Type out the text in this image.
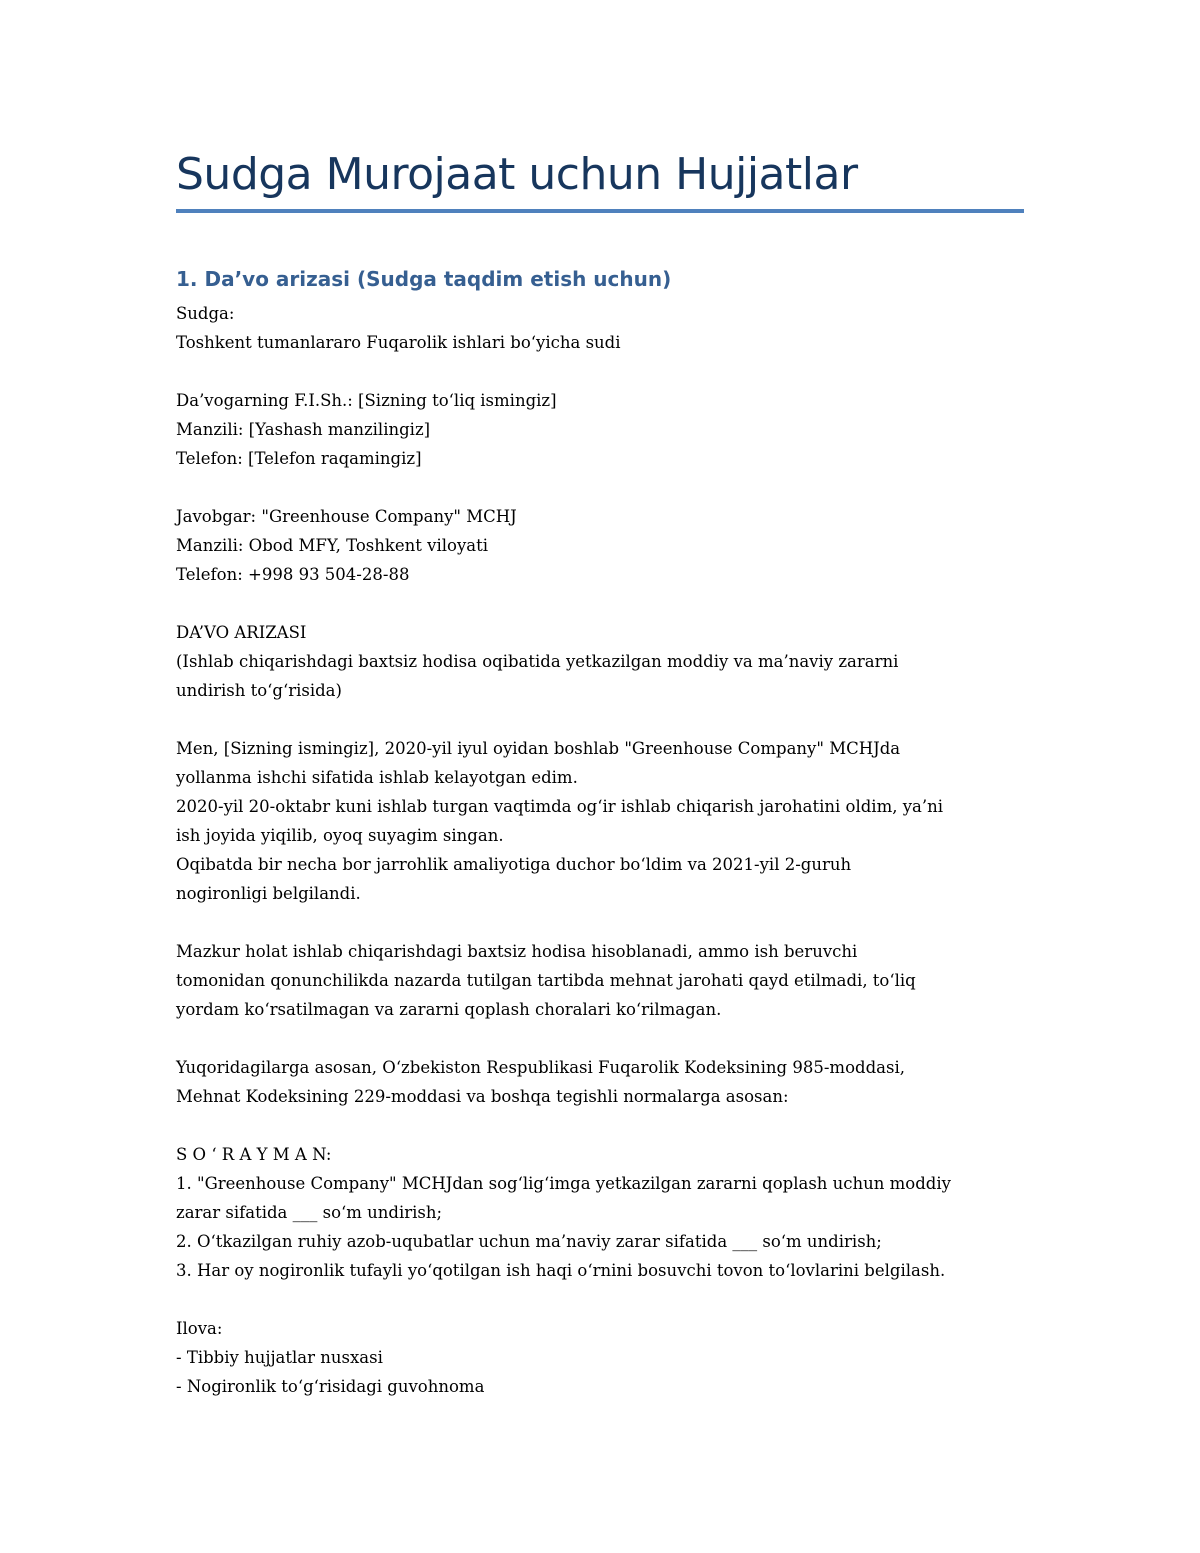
Sudga Murojaat uchun Hujjatlar
1. Da’vo arizasi (Sudga taqdim etish uchun)
Sudga:
Toshkent tumanlararo Fuqarolik ishlari bo‘yicha sudi
Da’vogarning F.I.Sh.: [Sizning to‘liq ismingiz]
Manzili: [Yashash manzilingiz]
Telefon: [Telefon raqamingiz]
Javobgar: "Greenhouse Company" MCHJ
Manzili: Obod MFY, Toshkent viloyati
Telefon: +998 93 504-28-88
DA’VO ARIZASI
(Ishlab chiqarishdagi baxtsiz hodisa oqibatida yetkazilgan moddiy va ma’naviy zararni
undirish to‘g‘risida)
Men, [Sizning ismingiz], 2020-yil iyul oyidan boshlab "Greenhouse Company" MCHJda
yollanma ishchi sifatida ishlab kelayotgan edim.
2020-yil 20-oktabr kuni ishlab turgan vaqtimda og‘ir ishlab chiqarish jarohatini oldim, ya’ni
ish joyida yiqilib, oyoq suyagim singan.
Oqibatda bir necha bor jarrohlik amaliyotiga duchor bo‘ldim va 2021-yil 2-guruh
nogironligi belgilandi.
Mazkur holat ishlab chiqarishdagi baxtsiz hodisa hisoblanadi, ammo ish beruvchi
tomonidan qonunchilikda nazarda tutilgan tartibda mehnat jarohati qayd etilmadi, to‘liq
yordam ko‘rsatilmagan va zararni qoplash choralari ko‘rilmagan.
Yuqoridagilarga asosan, O‘zbekiston Respublikasi Fuqarolik Kodeksining 985-moddasi,
Mehnat Kodeksining 229-moddasi va boshqa tegishli normalarga asosan:
S O ‘ R A Y M A N:
1. "Greenhouse Company" MCHJdan sog‘lig‘imga yetkazilgan zararni qoplash uchun moddiy
zarar sifatida ___ so‘m undirish;
2. O‘tkazilgan ruhiy azob-uqubatlar uchun ma’naviy zarar sifatida ___ so‘m undirish;
3. Har oy nogironlik tufayli yo‘qotilgan ish haqi o‘rnini bosuvchi tovon to‘lovlarini belgilash.
Ilova:
- Tibbiy hujjatlar nusxasi
- Nogironlik to‘g‘risidagi guvohnoma
